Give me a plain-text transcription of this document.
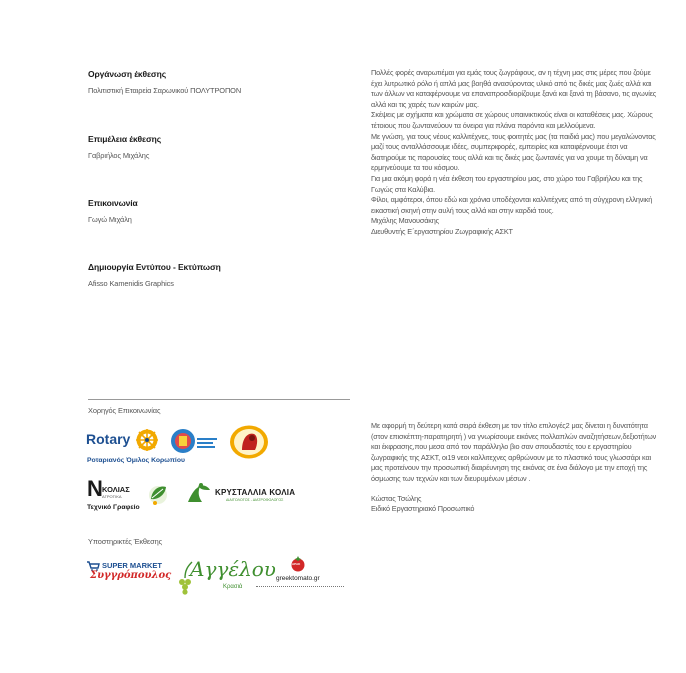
Οργάνωση έκθεσης
Πολιτιστική Εταιρεία Σαρωνικού ΠΟΛΥΤΡΟΠΟΝ
Επιμέλεια έκθεσης
Γαβριήλος Μιχάλης
Επικοινωνία
Γωγώ Μιχάλη
Δημιουργία Εντύπου - Εκτύπωση
Afisso Kamenidis Graphics

Πολλές φορές αναρωτιέμαι για εμάς τους ζωγράφους, αν η τέχνη μας στις μέρες που ζούμε έχει λυτρωτικό ρόλο ή απλά μας βοηθά ανασύροντας υλικό από τις δικές μας ζωές αλλά και των άλλων να καταφέρνουμε να επαναπροσδιορίζουμε ξανά και ξανά τη βάσανο, τις αγωνίες αλλά και τις χαρές των καιρών μας.

Σκέψεις με σχήματα και χρώματα σε χώρους υπαινικτικούς είναι οι καταθέσεις μας. Χώρους τέτοιους που ζωντανεύουν τα όνειρα για πλάνα παρόντα και μελλούμενα.

Με γνώση, για τους νέους καλλιτέχνες, τους φοιτητές μας (τα παιδιά μας) που μεγαλώνοντας μαζί τους ανταλλάσσουμε ιδέες, συμπεριφορές, εμπειρίες και καταφέρνουμε έτσι να διατηρούμε τις παρουσίες τους αλλά και τις δικές μας ζωντανές για να χουμε τη δύναμη να ερμηνεύουμε τα του κόσμου.

Για μια ακόμη φορά η νέα έκθεση του εργαστηρίου μας, στο χώρο του Γαβριήλου και της Γωγώς στα Καλύβια.

Φίλοι, αμφότεροι, όπου εδώ και χρόνια υποδέχονται καλλιτέχνες από τη σύγχρονη ελληνική εικαστική σκηνή στην αυλή τους αλλά και στην καρδιά τους.

Μιχάλης Μανουσάκης

Διευθυντής Ε΄εργαστηρίου Ζωγραφικής ΑΣΚΤ

Χορηγός Επικοινωνίας
Rotary
Ροταριανός Όμιλος Κορωπίου
N ΚΟΛΙΑΣ
ΑΓΡΟΤΙΚΑ
Τεχνικό Γραφείο
ΚΡΥΣΤΑΛΛΙΑ ΚΟΛΙΑ
ΔΙΑΙΤΟΛΟΓΟΣ - ΔΙΑΤΡΟΦΟΛΟΓΟΣ
Υποστηρικτές Έκθεσης
SUPER MARKET
Συγγρόπουλος Αγγέλου
Κρασιά
ΑΡΑΚ
greektomato.gr

Με αφορμή τη δεύτερη κατά σειρά έκθεση με τον τίτλο επιλογές2 μας δίνεται η δυνατότητα (στον επισκέπτη-παρατηρητή ) να γνωρίσουμε εικόνες πολλαπλών αναζητήσεων,δεξιοτήτων και έκφρασης,που μεσα από τον παράλληλο βιο σαν σπουδαστές του ε εργαστηρίου ζωγραφικής της ΑΣΚΤ, οι19 νεοι καλλιτεχνες αρθρώνουν με το πλαστικό τους γλωσσάρι και μας προτείνουν την προσωπική διαιρέυνηση της εικόνας σε ένα διάλογο με την εποχή της όσμωσης των τεχνών και των διευρυμένων μέσων .

Κώστας Τσώλης

Ειδικό Εργαστηριακό Προσωπικό
